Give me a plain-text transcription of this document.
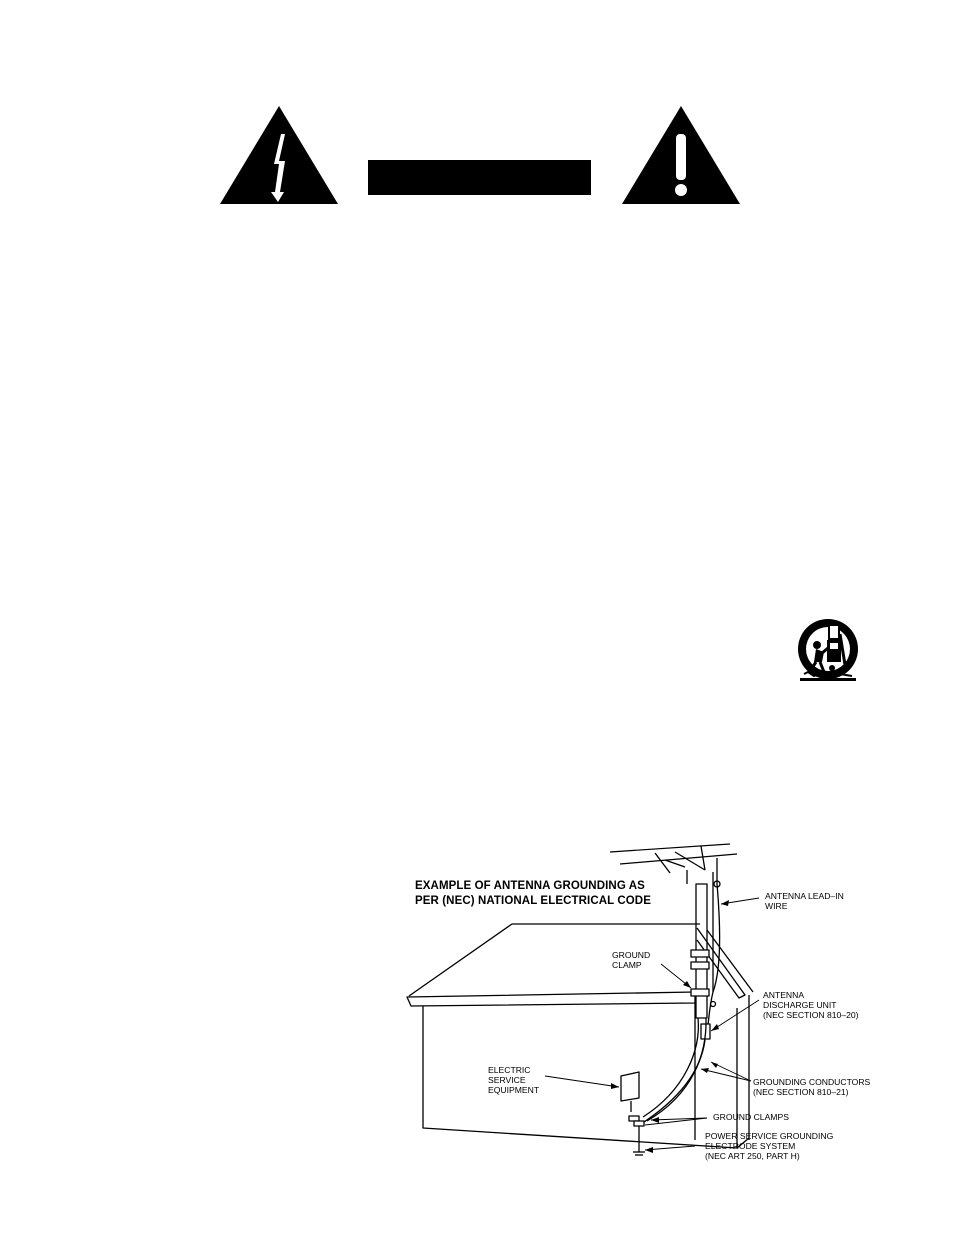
EXAMPLE OF ANTENNA GROUNDING AS
PER (NEC) NATIONAL ELECTRICAL CODE	ANTENNA LEAD–IN
WIRE
GROUND
CLAMP
ANTENNA
DISCHARGE UNIT
(NEC SECTION 810–20)
ELECTRIC
SERVICE
EQUIPMENT
GROUNDING CONDUCTORS
(NEC SECTION 810–21)
GROUND CLAMPS
POWER SERVICE GROUNDING
ELECTRODE SYSTEM
(NEC ART 250, PART H)
